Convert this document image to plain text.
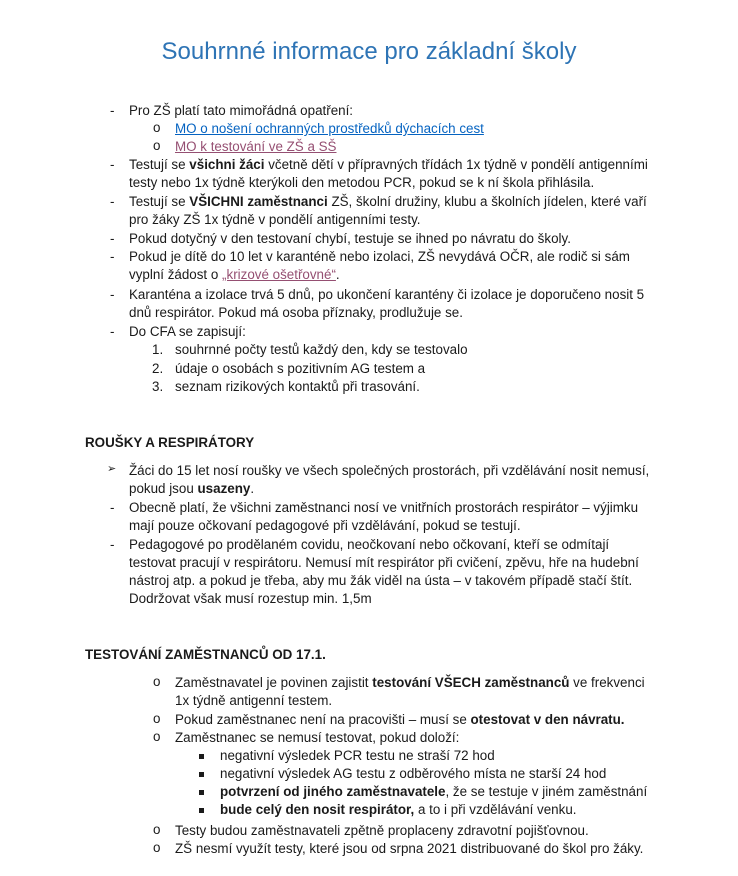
Souhrnné informace pro základní školy
- Pro ZŠ platí tato mimořádná opatření:
o MO o nošení ochranných prostředků dýchacích cest
o MO k testování ve ZŠ a SŠ
- Testují se všichni žáci včetně dětí v přípravných třídách 1x týdně v pondělí antigenními
testy nebo 1x týdně kterýkoli den metodou PCR, pokud se k ní škola přihlásila.
- Testují se VŠICHNI zaměstnanci ZŠ, školní družiny, klubu a školních jídelen, které vaří
pro žáky ZŠ 1x týdně v pondělí antigenními testy.
- Pokud dotyčný v den testovaní chybí, testuje se ihned po návratu do školy.
- Pokud je dítě do 10 let v karanténě nebo izolaci, ZŠ nevydává OČR, ale rodič si sám
vyplní žádost o „krizové ošetřovné“.
- Karanténa a izolace trvá 5 dnů, po ukončení karantény či izolace je doporučeno nosit 5
dnů respirátor. Pokud má osoba příznaky, prodlužuje se.
- Do CFA se zapisují:
1. souhrnné počty testů každý den, kdy se testovalo
2. údaje o osobách s pozitivním AG testem a
3. seznam rizikových kontaktů při trasování.
ROUŠKY A RESPIRÁTORY
➢ Žáci do 15 let nosí roušky ve všech společných prostorách, při vzdělávání nosit nemusí,
pokud jsou usazeny.
- Obecně platí, že všichni zaměstnanci nosí ve vnitřních prostorách respirátor – výjimku
mají pouze očkovaní pedagogové při vzdělávání, pokud se testují.
- Pedagogové po prodělaném covidu, neočkovaní nebo očkovaní, kteří se odmítají
testovat pracují v respirátoru. Nemusí mít respirátor při cvičení, zpěvu, hře na hudební
nástroj atp. a pokud je třeba, aby mu žák viděl na ústa – v takovém případě stačí štít.
Dodržovat však musí rozestup min. 1,5m
TESTOVÁNÍ ZAMĚSTNANCŮ OD 17.1.
o Zaměstnavatel je povinen zajistit testování VŠECH zaměstnanců ve frekvenci
1x týdně antigenní testem.
o Pokud zaměstnanec není na pracovišti – musí se otestovat v den návratu.
o Zaměstnanec se nemusí testovat, pokud doloží:
negativní výsledek PCR testu ne straší 72 hod
negativní výsledek AG testu z odběrového místa ne starší 24 hod
potvrzení od jiného zaměstnavatele, že se testuje v jiném zaměstnání
bude celý den nosit respirátor, a to i při vzdělávání venku.
o Testy budou zaměstnavateli zpětně proplaceny zdravotní pojišťovnou.
o ZŠ nesmí využít testy, které jsou od srpna 2021 distribuované do škol pro žáky.
